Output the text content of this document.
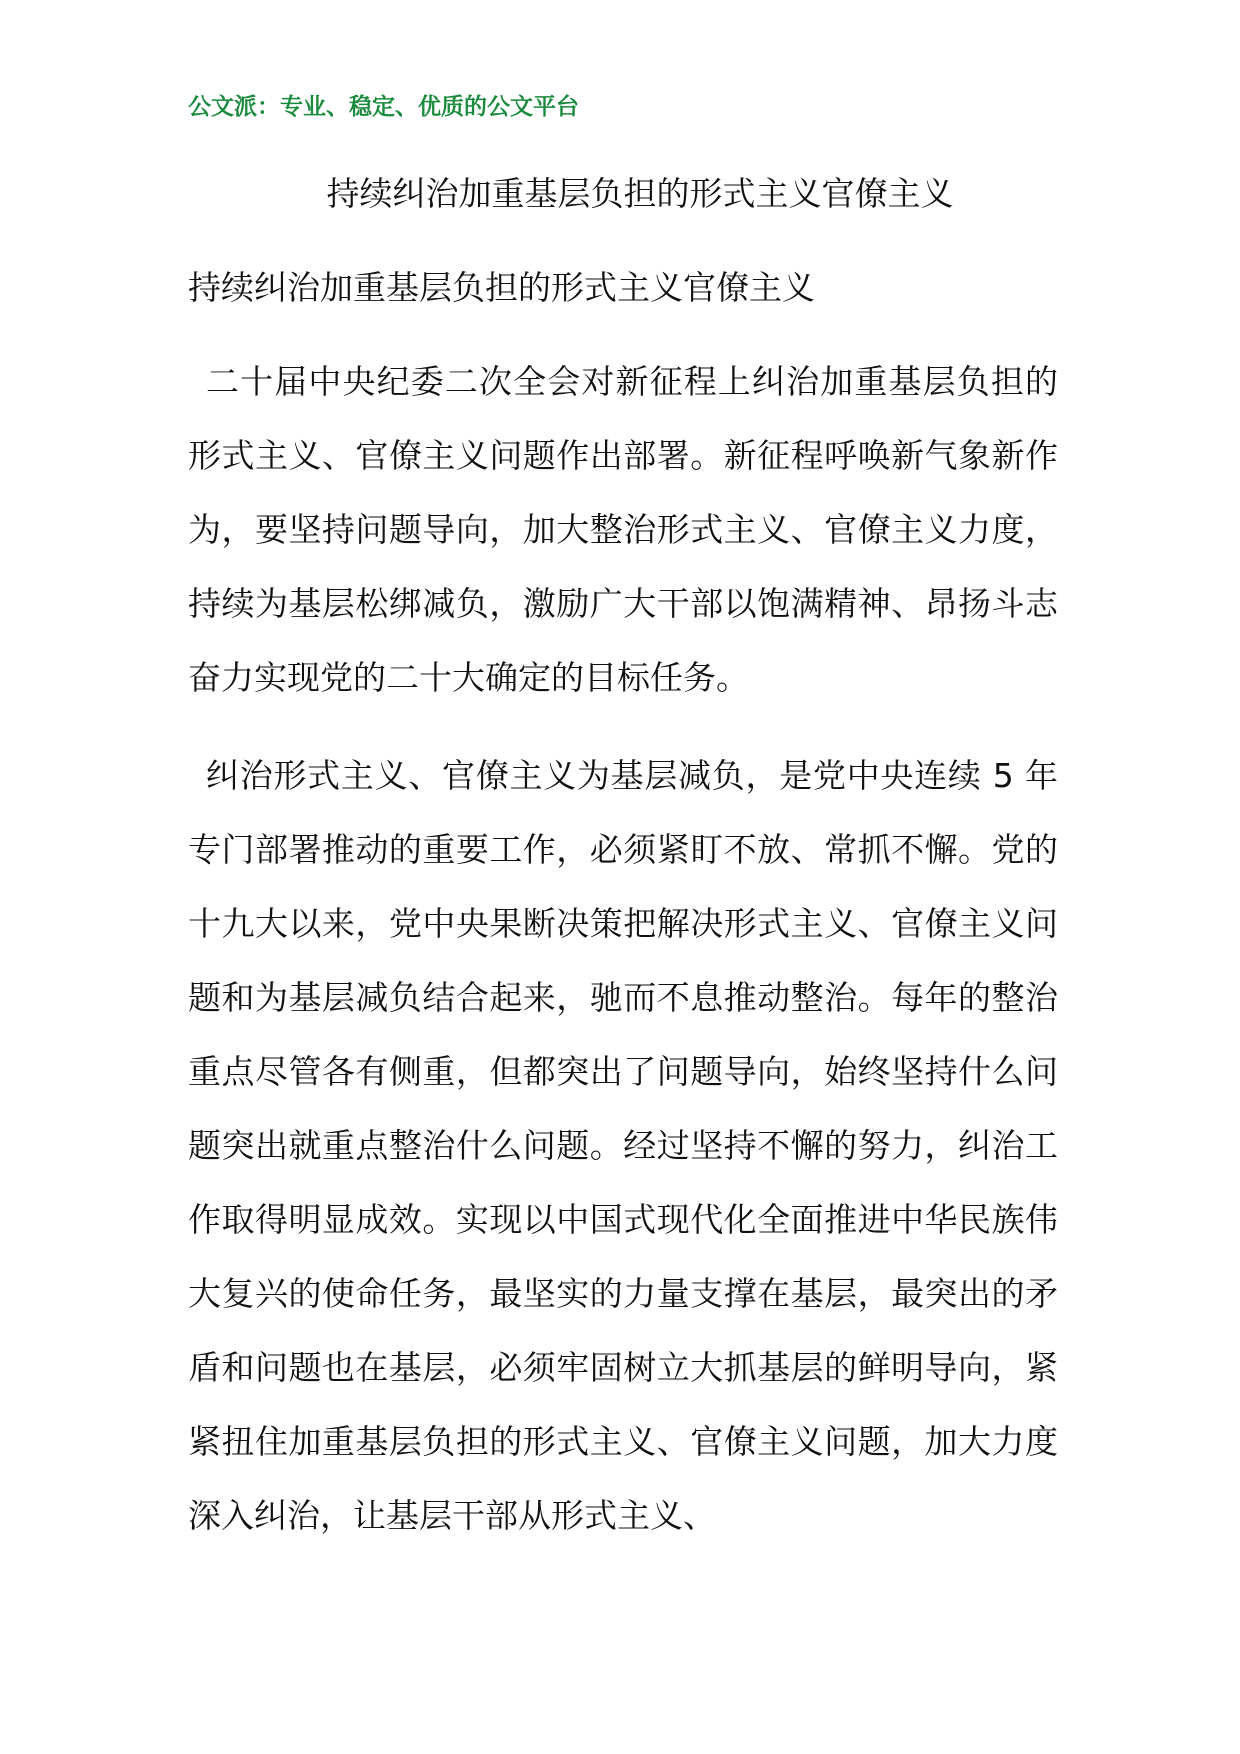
公文派：专业、稳定、优质的公文平台
持续纠治加重基层负担的形式主义官僚主义
持续纠治加重基层负担的形式主义官僚主义

二十届中央纪委二次全会对新征程上纠治加重基层负担的形式主义、官僚主义问题作出部署。新征程呼唤新气象新作为，要坚持问题导向，加大整治形式主义、官僚主义力度，持续为基层松绑减负，激励广大干部以饱满精神、昂扬斗志奋力实现党的二十大确定的目标任务。

纠治形式主义、官僚主义为基层减负，是党中央连续 5 年专门部署推动的重要工作，必须紧盯不放、常抓不懈。党的十九大以来，党中央果断决策把解决形式主义、官僚主义问题和为基层减负结合起来，驰而不息推动整治。每年的整治重点尽管各有侧重，但都突出了问题导向，始终坚持什么问题突出就重点整治什么问题。经过坚持不懈的努力，纠治工作取得明显成效。实现以中国式现代化全面推进中华民族伟大复兴的使命任务，最坚实的力量支撑在基层，最突出的矛盾和问题也在基层，必须牢固树立大抓基层的鲜明导向，紧紧扭住加重基层负担的形式主义、官僚主义问题，加大力度深入纠治，让基层干部从形式主义、
